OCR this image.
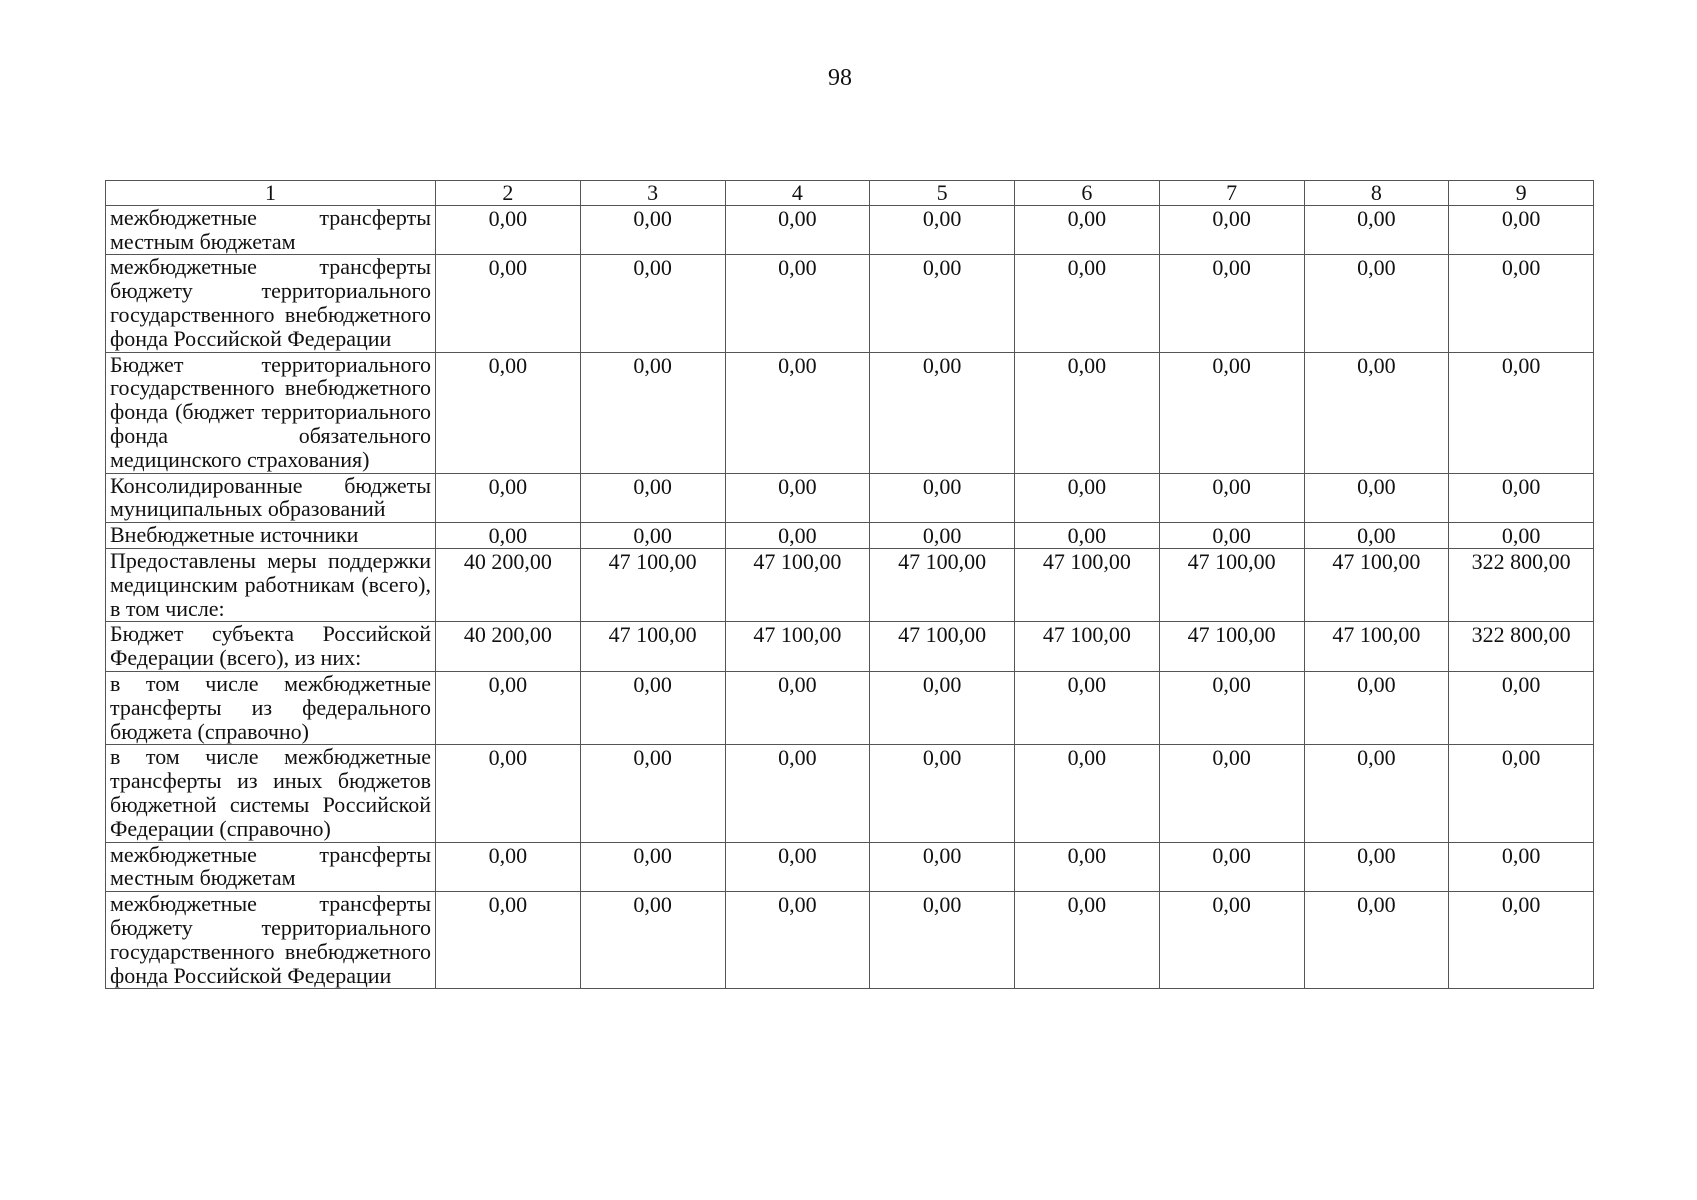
98
1	2	3	4	5	6	7	8	9
межбюджетные трансферты местным бюджетам	0,00	0,00	0,00	0,00	0,00	0,00	0,00	0,00
межбюджетные трансферты бюджету территориального государственного внебюджетного фонда Российской Федерации	0,00	0,00	0,00	0,00	0,00	0,00	0,00	0,00
Бюджет территориального государственного внебюджетного фонда (бюджет территориального фонда обязательного медицинского страхования)	0,00	0,00	0,00	0,00	0,00	0,00	0,00	0,00
Консолидированные бюджеты муниципальных образований	0,00	0,00	0,00	0,00	0,00	0,00	0,00	0,00
Внебюджетные источники	0,00	0,00	0,00	0,00	0,00	0,00	0,00	0,00
Предоставлены меры поддержки медицинским работникам (всего), в том числе:	40 200,00	47 100,00	47 100,00	47 100,00	47 100,00	47 100,00	47 100,00	322 800,00
Бюджет субъекта Российской Федерации (всего), из них:	40 200,00	47 100,00	47 100,00	47 100,00	47 100,00	47 100,00	47 100,00	322 800,00
в том числе межбюджетные трансферты из федерального бюджета (справочно)	0,00	0,00	0,00	0,00	0,00	0,00	0,00	0,00
в том числе межбюджетные трансферты из иных бюджетов бюджетной системы Российской Федерации (справочно)	0,00	0,00	0,00	0,00	0,00	0,00	0,00	0,00
межбюджетные трансферты местным бюджетам	0,00	0,00	0,00	0,00	0,00	0,00	0,00	0,00
межбюджетные трансферты бюджету территориального государственного внебюджетного фонда Российской Федерации	0,00	0,00	0,00	0,00	0,00	0,00	0,00	0,00
